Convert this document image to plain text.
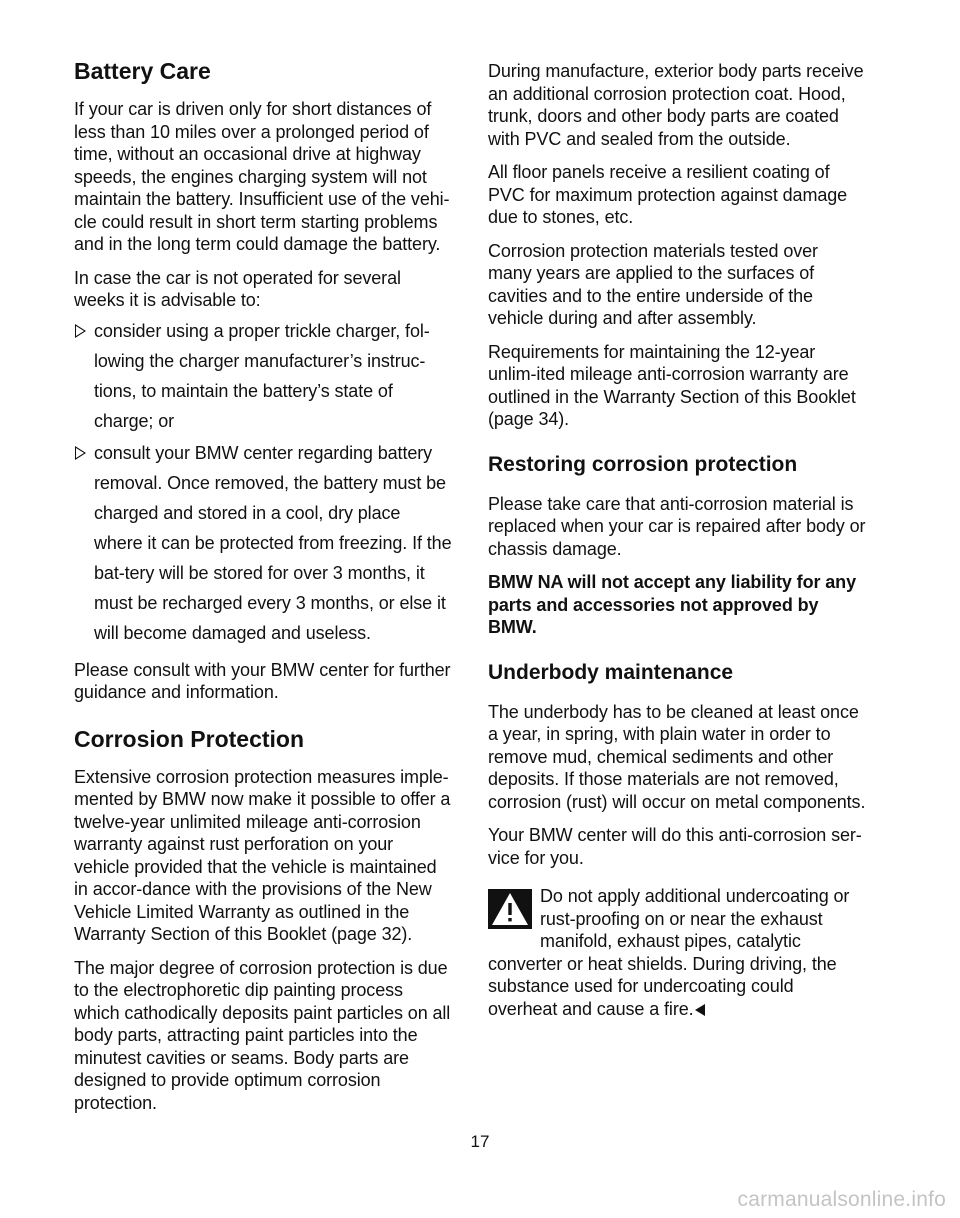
Battery Care

If your car is driven only for short distances of less than 10 miles over a prolonged period of time, without an occasional drive at highway speeds, the engines charging system will not maintain the battery. Insufficient use of the vehi-cle could result in short term starting problems and in the long term could damage the battery.

In case the car is not operated for several weeks it is advisable to:

consider using a proper trickle charger, fol-lowing the charger manufacturer’s instruc-tions, to maintain the battery’s state of charge; or
consult your BMW center regarding battery removal. Once removed, the battery must be charged and stored in a cool, dry place where it can be protected from freezing. If the bat-tery will be stored for over 3 months, it must be recharged every 3 months, or else it will become damaged and useless.

Please consult with your BMW center for further guidance and information.

Corrosion Protection

Extensive corrosion protection measures imple-mented by BMW now make it possible to offer a twelve-year unlimited mileage anti-corrosion warranty against rust perforation on your vehicle provided that the vehicle is maintained in accor-dance with the provisions of the New Vehicle Limited Warranty as outlined in the Warranty Section of this Booklet (page 32).

The major degree of corrosion protection is due to the electrophoretic dip painting process which cathodically deposits paint particles on all body parts, attracting paint particles into the minutest cavities or seams. Body parts are designed to provide optimum corrosion protection.

During manufacture, exterior body parts receive an additional corrosion protection coat. Hood, trunk, doors and other body parts are coated with PVC and sealed from the outside.

All floor panels receive a resilient coating of PVC for maximum protection against damage due to stones, etc.

Corrosion protection materials tested over many years are applied to the surfaces of cavities and to the entire underside of the vehicle during and after assembly.

Requirements for maintaining the 12-year unlim-ited mileage anti-corrosion warranty are outlined in the Warranty Section of this Booklet (page 34).

Restoring corrosion protection

Please take care that anti-corrosion material is replaced when your car is repaired after body or chassis damage.

BMW NA will not accept any liability for any parts and accessories not approved by BMW.

Underbody maintenance

The underbody has to be cleaned at least once a year, in spring, with plain water in order to remove mud, chemical sediments and other deposits. If those materials are not removed, corrosion (rust) will occur on metal components.

Your BMW center will do this anti-corrosion ser-vice for you.

Do not apply additional undercoating or rust-proofing on or near the exhaust manifold, exhaust pipes, catalytic converter or heat shields. During driving, the substance used for undercoating could overheat and cause a fire.
17
carmanualsonline.info
